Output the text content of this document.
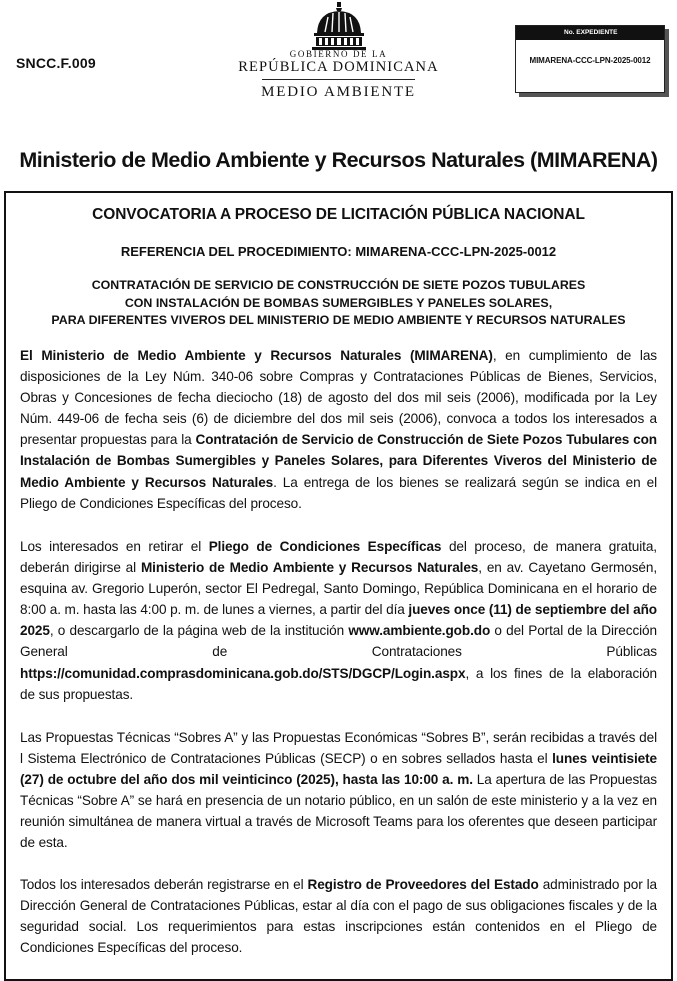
SNCC.F.009
GOBIERNO DE LA
REPÚBLICA DOMINICANA
MEDIO AMBIENTE
No. EXPEDIENTE
MIMARENA-CCC-LPN-2025-0012
Ministerio de Medio Ambiente y Recursos Naturales (MIMARENA)
CONVOCATORIA A PROCESO DE LICITACIÓN PÚBLICA NACIONAL
REFERENCIA DEL PROCEDIMIENTO: MIMARENA-CCC-LPN-2025-0012
CONTRATACIÓN DE SERVICIO DE CONSTRUCCIÓN DE SIETE POZOS TUBULARES
CON INSTALACIÓN DE BOMBAS SUMERGIBLES Y PANELES SOLARES,
PARA DIFERENTES VIVEROS DEL MINISTERIO DE MEDIO AMBIENTE Y RECURSOS NATURALES
El Ministerio de Medio Ambiente y Recursos Naturales (MIMARENA), en cumplimiento de las disposiciones de la Ley Núm. 340-06 sobre Compras y Contrataciones Públicas de Bienes, Servicios, Obras y Concesiones de fecha dieciocho (18) de agosto del dos mil seis (2006), modificada por la Ley Núm. 449-06 de fecha seis (6) de diciembre del dos mil seis (2006), convoca a todos los interesados a presentar propuestas para la Contratación de Servicio de Construcción de Siete Pozos Tubulares con Instalación de Bombas Sumergibles y Paneles Solares, para Diferentes Viveros del Ministerio de Medio Ambiente y Recursos Naturales. La entrega de los bienes se realizará según se indica en el Pliego de Condiciones Específicas del proceso.
Los interesados en retirar el Pliego de Condiciones Específicas del proceso, de manera gratuita, deberán dirigirse al Ministerio de Medio Ambiente y Recursos Naturales, en av. Cayetano Germosén, esquina av. Gregorio Luperón, sector El Pedregal, Santo Domingo, República Dominicana en el horario de 8:00 a. m. hasta las 4:00 p. m. de lunes a viernes, a partir del día jueves once (11) de septiembre del año 2025, o descargarlo de la página web de la institución www.ambiente.gob.do o del Portal de la Dirección General de Contrataciones Públicas https://comunidad.comprasdominicana.gob.do/STS/DGCP/Login.aspx, a los fines de la elaboración de sus propuestas.
Las Propuestas Técnicas “Sobres A” y las Propuestas Económicas “Sobres B”, serán recibidas a través del l Sistema Electrónico de Contrataciones Públicas (SECP) o en sobres sellados hasta el lunes veintisiete (27) de octubre del año dos mil veinticinco (2025), hasta las 10:00 a. m. La apertura de las Propuestas Técnicas “Sobre A” se hará en presencia de un notario público, en un salón de este ministerio y a la vez en reunión simultánea de manera virtual a través de Microsoft Teams para los oferentes que deseen participar de esta.
Todos los interesados deberán registrarse en el Registro de Proveedores del Estado administrado por la Dirección General de Contrataciones Públicas, estar al día con el pago de sus obligaciones fiscales y de la seguridad social. Los requerimientos para estas inscripciones están contenidos en el Pliego de Condiciones Específicas del proceso.
